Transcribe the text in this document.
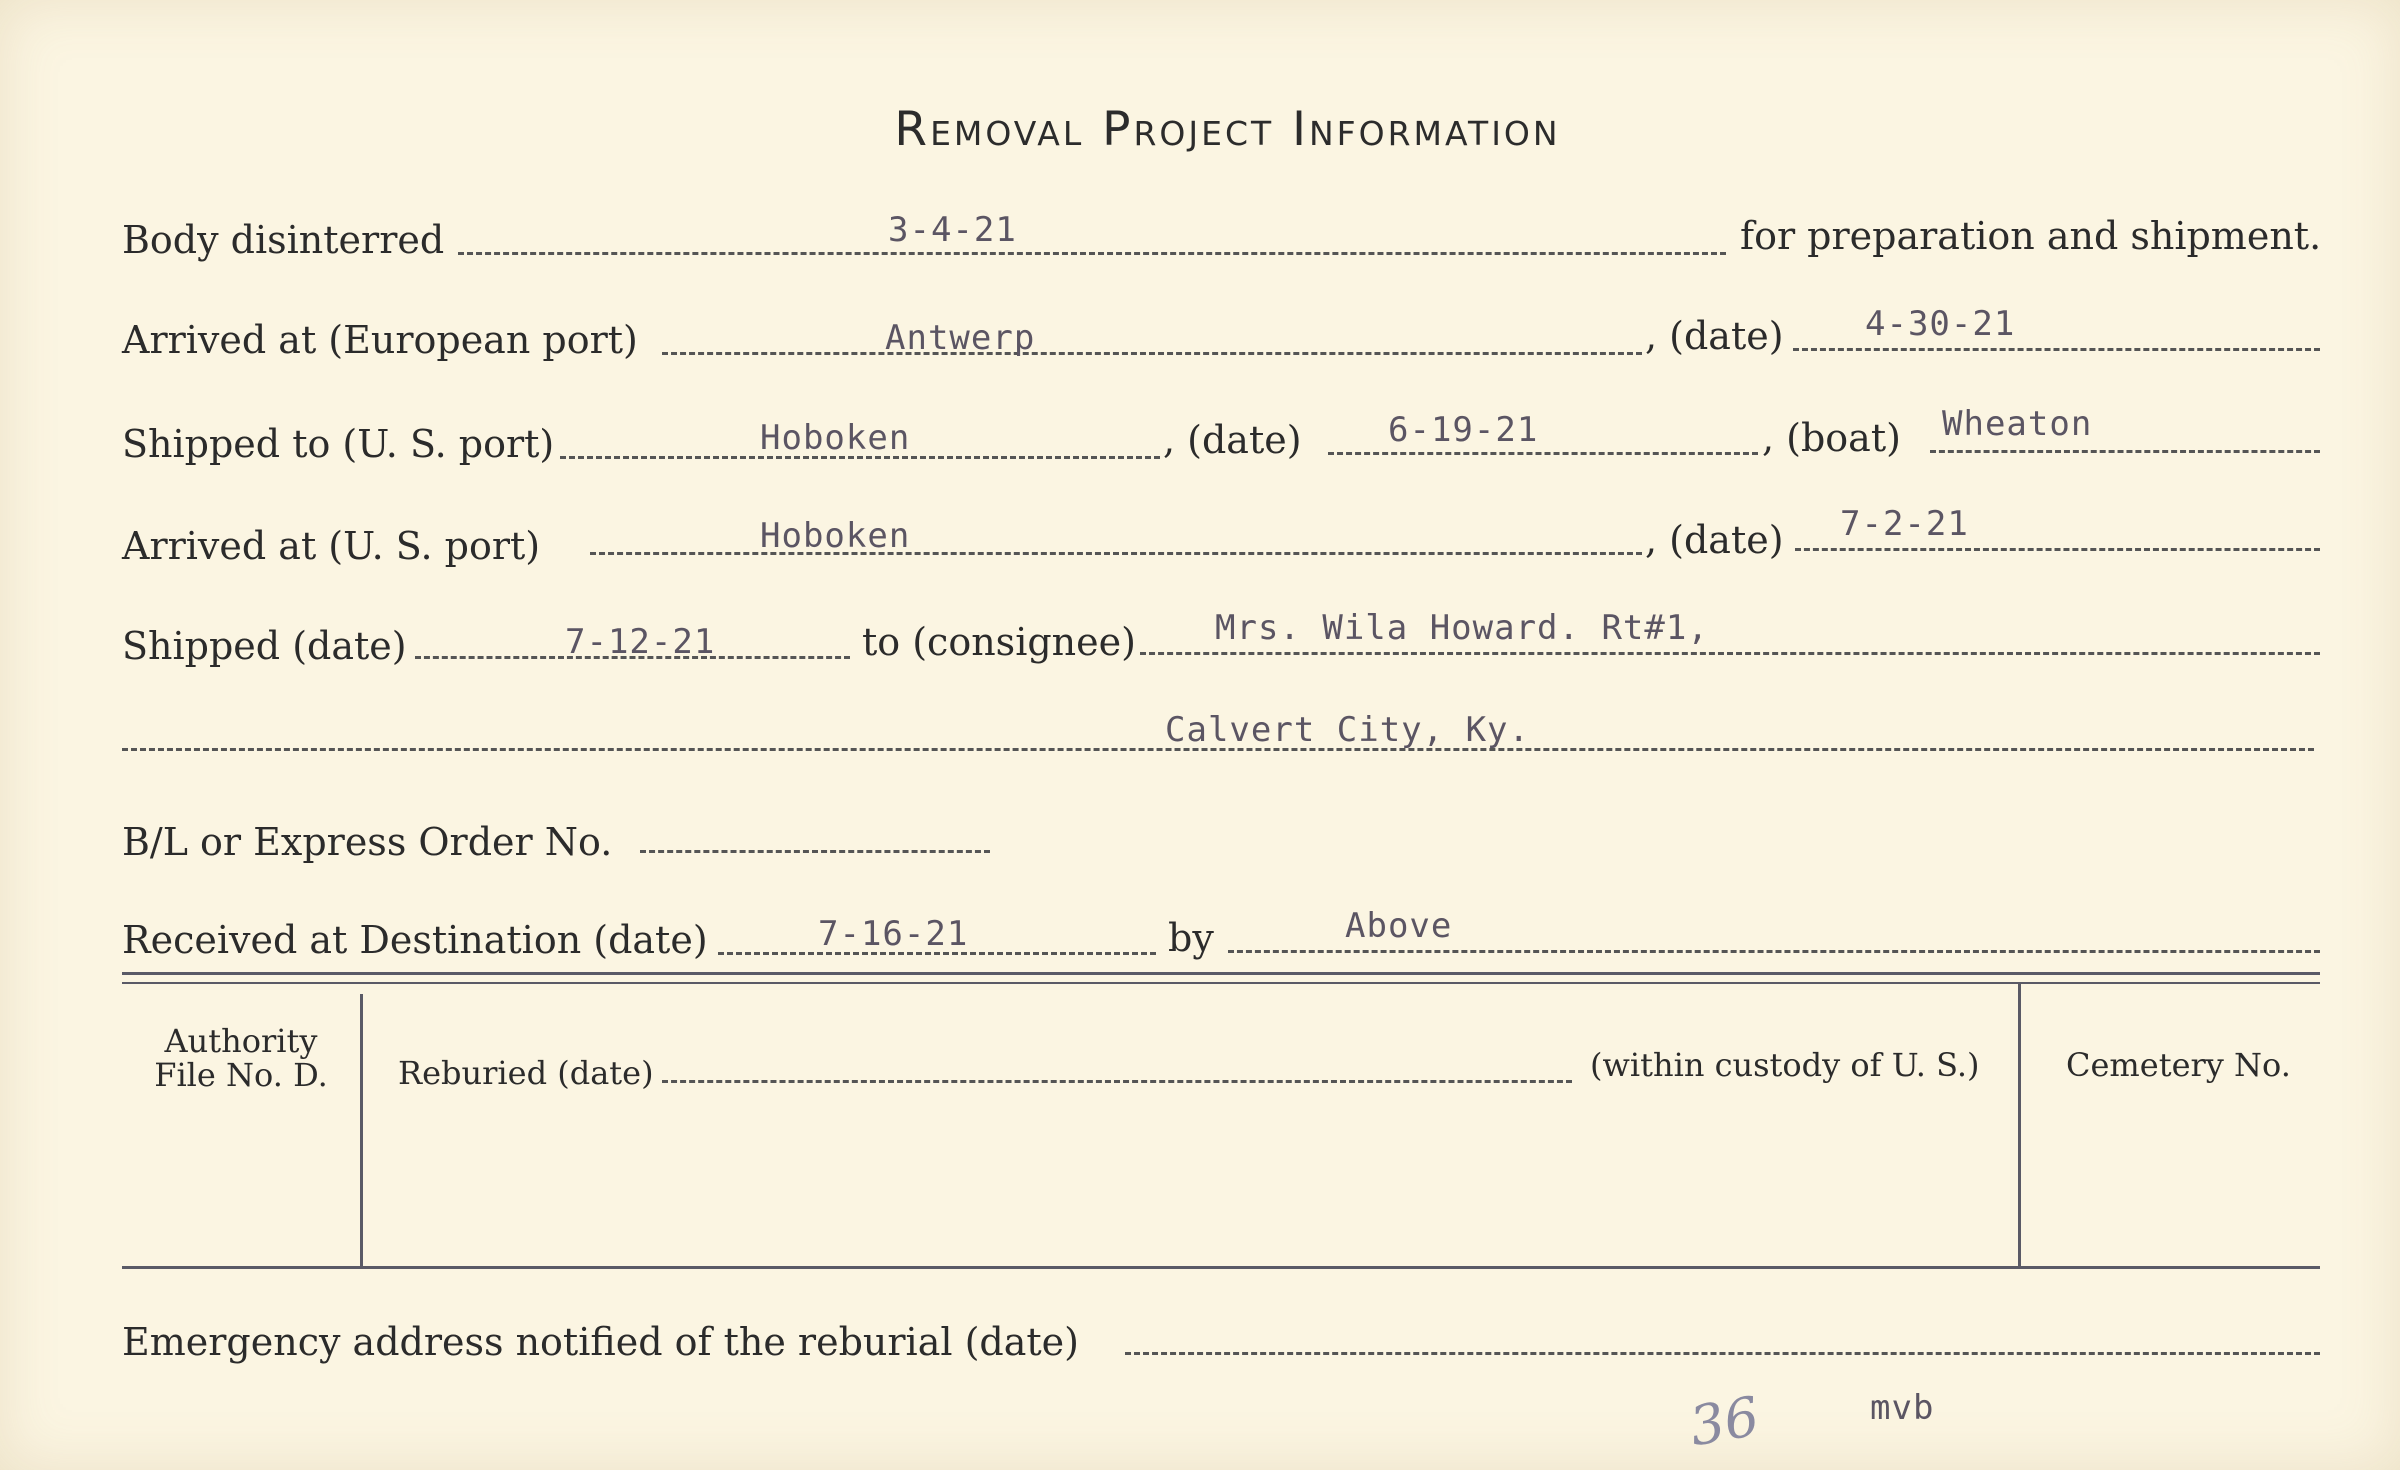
Removal Project Information
Body disinterred	3-4-21	for preparation and shipment.
Arrived at (European port)	Antwerp	, (date) 4-30-21
Shipped to (U. S. port)	Hoboken	, (date)	6-19-21	, (boat) Wheaton
Arrived at (U. S. port)	Hoboken	, (date) 7-2-21
Shipped (date)	7-12-21	to (consignee) Mrs. Wila Howard. Rt#1,
Calvert City, Ky.
B/L or Express Order No.
Received at Destination (date)	7-16-21	by	Above
Authority
File No. D.	Reburied (date)	(within custody of U. S.)	Cemetery No.
Emergency address notified of the reburial (date)
36	mvb
